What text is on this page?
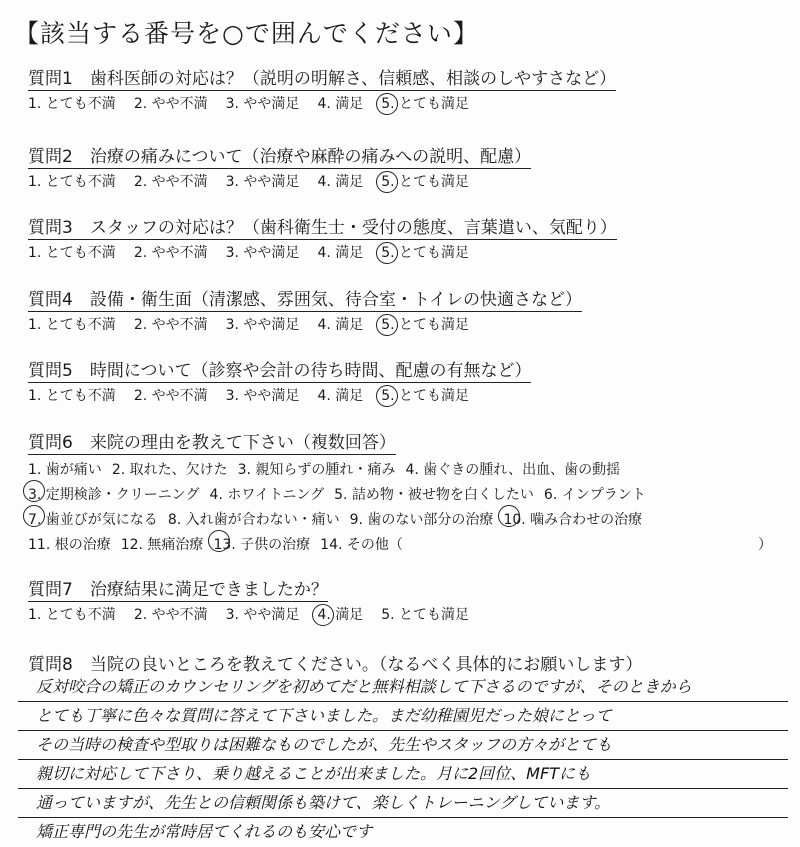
【該当する番号を○で囲んでください】
質問1　歯科医師の対応は？（説明の明解さ、信頼感、相談のしやすさなど）
1. とても不満 2. やや不満 3. やや満足 4. 満足 5. とても満足
質問2　治療の痛みについて（治療や麻酔の痛みへの説明、配慮）
1. とても不満 2. やや不満 3. やや満足 4. 満足 5. とても満足
質問3　スタッフの対応は？（歯科衛生士・受付の態度、言葉遣い、気配り）
1. とても不満 2. やや不満 3. やや満足 4. 満足 5. とても満足
質問4　設備・衛生面（清潔感、雰囲気、待合室・トイレの快適さなど）
1. とても不満 2. やや不満 3. やや満足 4. 満足 5. とても満足
質問5　時間について（診察や会計の待ち時間、配慮の有無など）
1. とても不満 2. やや不満 3. やや満足 4. 満足 5. とても満足
質問6　来院の理由を教えて下さい（複数回答）
1. 歯が痛い 2. 取れた、欠けた 3. 親知らずの腫れ・痛み 4. 歯ぐきの腫れ、出血、歯の動揺
3. 定期検診・クリーニング 4. ホワイトニング 5. 詰め物・被せ物を白くしたい 6. インプラント
7. 歯並びが気になる 8. 入れ歯が合わない・痛い 9. 歯のない部分の治療 10. 噛み合わせの治療
11. 根の治療 12. 無痛治療 13. 子供の治療 14. その他（	）
質問7　治療結果に満足できましたか？
1. とても不満 2. やや不満 3. やや満足 4. 満足 5. とても満足
質問8　当院の良いところを教えてください。（なるべく具体的にお願いします）
反対咬合の矯正のカウンセリングを初めてだと無料相談して下さるのですが、そのときから
とても丁寧に色々な質問に答えて下さいました。まだ幼稚園児だった娘にとって
その当時の検査や型取りは困難なものでしたが、先生やスタッフの方々がとても
親切に対応して下さり、乗り越えることが出来ました。月に2回位、MFTにも
通っていますが、先生との信頼関係も築けて、楽しくトレーニングしています。
矯正専門の先生が常時居てくれるのも安心です
